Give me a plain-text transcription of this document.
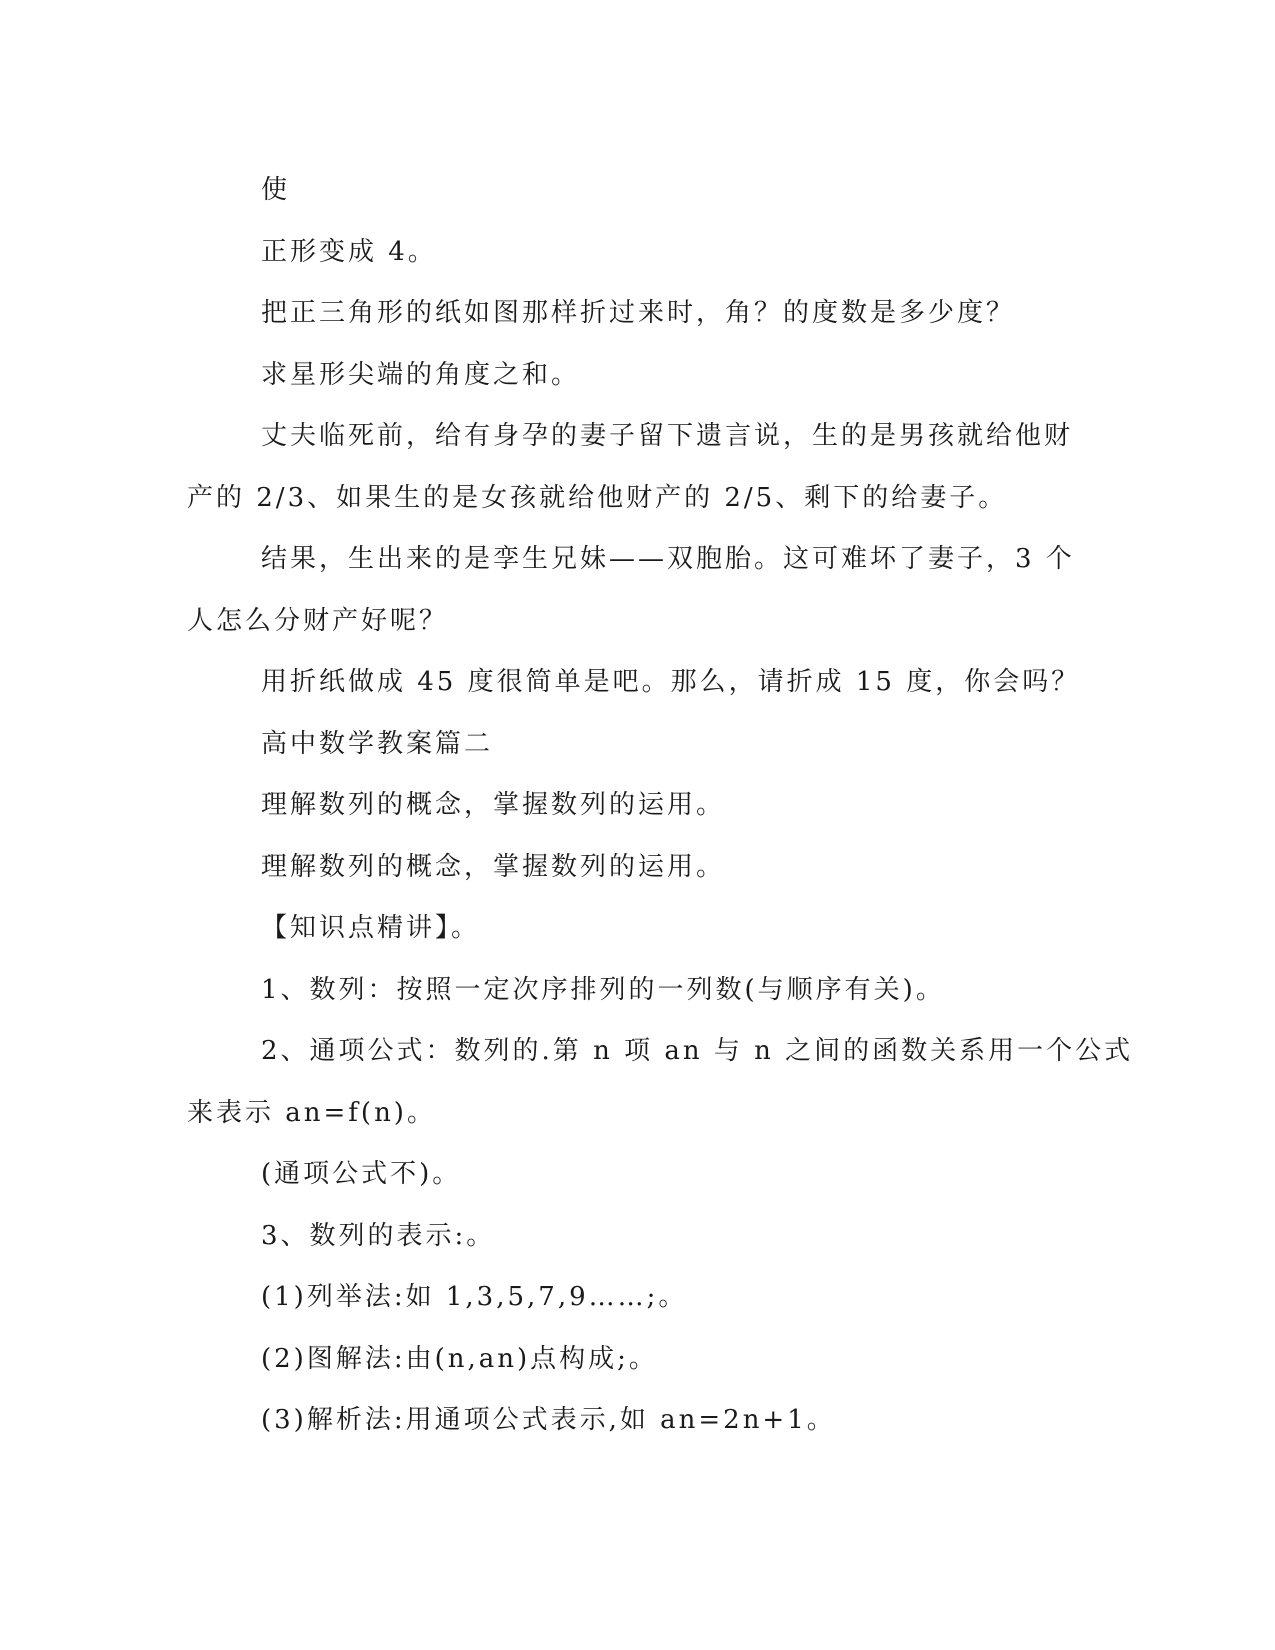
使
正形变成 4。
把正三角形的纸如图那样折过来时，角？的度数是多少度？
求星形尖端的角度之和。
丈夫临死前，给有身孕的妻子留下遗言说，生的是男孩就给他财
产的 2/3、如果生的是女孩就给他财产的 2/5、剩下的给妻子。
结果，生出来的是孪生兄妹——双胞胎。这可难坏了妻子，3 个
人怎么分财产好呢？
用折纸做成 45 度很简单是吧。那么，请折成 15 度，你会吗？
高中数学教案篇二
理解数列的概念，掌握数列的运用。
理解数列的概念，掌握数列的运用。
【知识点精讲】。
1、数列：按照一定次序排列的一列数(与顺序有关)。
2、通项公式：数列的.第 n 项 an 与 n 之间的函数关系用一个公式
来表示 an=f(n)。
(通项公式不)。
3、数列的表示:。
(1)列举法:如 1,3,5,7,9……;。
(2)图解法:由(n,an)点构成;。
(3)解析法:用通项公式表示,如 an=2n+1。
